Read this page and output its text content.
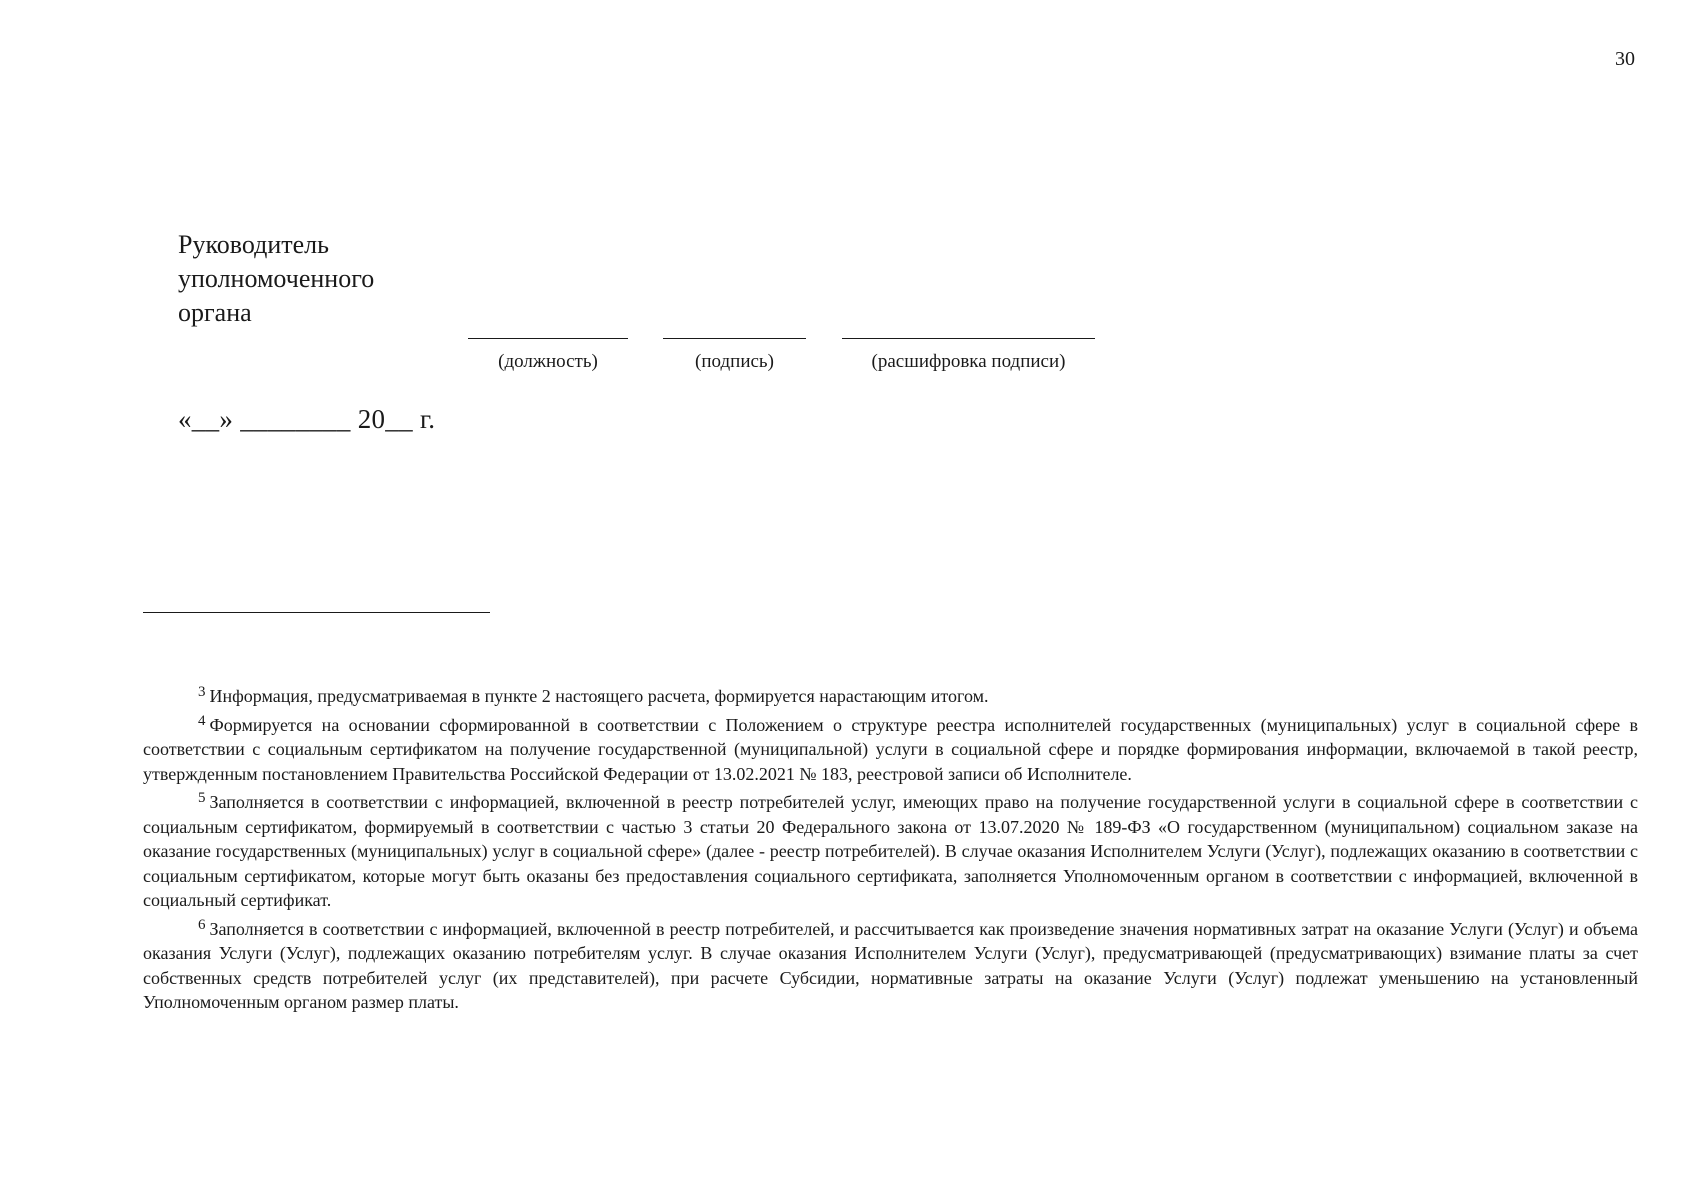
30
Руководитель
уполномоченного
органа
(должность)	(подпись)	(расшифровка подписи)
«__» ________ 20__ г.

$^3$ Информация, предусматриваемая в пункте 2 настоящего расчета, формируется нарастающим итогом.

$^4$ Формируется на основании сформированной в соответствии с Положением о структуре реестра исполнителей государственных (муниципальных) услуг в социальной сфере в соответствии с социальным сертификатом на получение государственной (муниципальной) услуги в социальной сфере и порядке формирования информации, включаемой в такой реестр, утвержденным постановлением Правительства Российской Федерации от 13.02.2021 № 183, реестровой записи об Исполнителе.

$^5$ Заполняется в соответствии с информацией, включенной в реестр потребителей услуг, имеющих право на получение государственной услуги в социальной сфере в соответствии с социальным сертификатом, формируемый в соответствии с частью 3 статьи 20 Федерального закона от 13.07.2020 № 189-ФЗ «О государственном (муниципальном) социальном заказе на оказание государственных (муниципальных) услуг в социальной сфере» (далее - реестр потребителей). В случае оказания Исполнителем Услуги (Услуг), подлежащих оказанию в соответствии с социальным сертификатом, которые могут быть оказаны без предоставления социального сертификата, заполняется Уполномоченным органом в соответствии с информацией, включенной в социальный сертификат.

$^6$ Заполняется в соответствии с информацией, включенной в реестр потребителей, и рассчитывается как произведение значения нормативных затрат на оказание Услуги (Услуг) и объема оказания Услуги (Услуг), подлежащих оказанию потребителям услуг. В случае оказания Исполнителем Услуги (Услуг), предусматривающей (предусматривающих) взимание платы за счет собственных средств потребителей услуг (их представителей), при расчете Субсидии, нормативные затраты на оказание Услуги (Услуг) подлежат уменьшению на установленный Уполномоченным органом размер платы.
